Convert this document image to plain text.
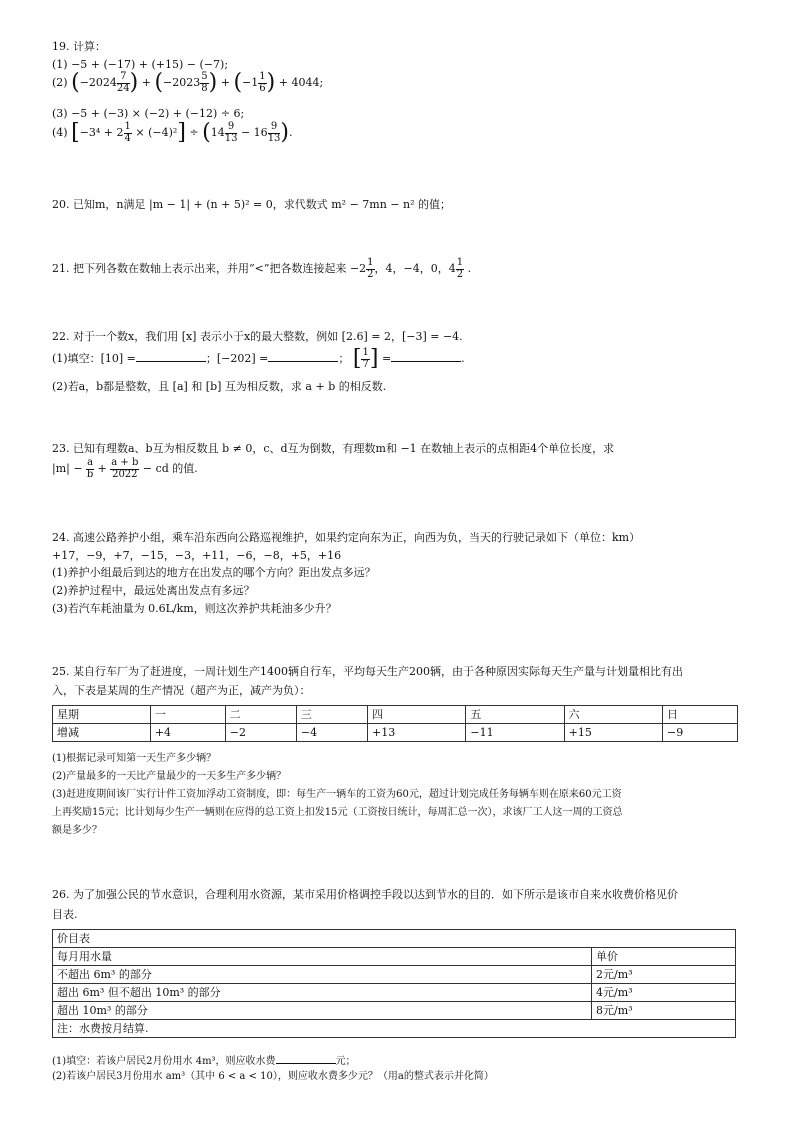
19. 计算：
(1) −5 + (−17) + (+15) − (−7);
(2) ($-2024 \frac{7}{24}$ ) + ($-2023 \frac{5}{8}$ ) + ($-1 \frac{1}{6}$ ) + 4044;
(3) −5 + (−3) × (−2) + (−12) ÷ 6;
(4) $[-3^4 + 2 \frac{1}{4} \times (-4)^2] \div (14 \frac{9}{13} - 16 \frac{9}{13}$ ).
20. 已知m，n满足 |m − 1| + (n + 5)² = 0，求代数式 m² − 7mn − n² 的值；
21. 把下列各数在数轴上表示出来，并用“<”把各数连接起来 $-2 \frac{1}{2}$ ，4，−4，0，$4 \frac{1}{2}$ .
22. 对于一个数x，我们用 [x] 表示小于x的最大整数，例如 [2.6] = 2，[−3] = −4.
(1)填空：[10] =	；[−202] =	； [ $\frac{1}{7}$ ] =	.
(2)若a，b都是整数，且 [a] 和 [b] 互为相反数，求 a + b 的相反数.
23. 已知有理数a、b互为相反数且 b ≠ 0，c、d互为倒数，有理数m和 −1 在数轴上表示的点相距4个单位长度，求
$|m| - \frac{a}{b} + \frac{a + b}{2022}$ − cd 的值.
24. 高速公路养护小组，乘车沿东西向公路巡视维护，如果约定向东为正，向西为负，当天的行驶记录如下（单位：km）
+17，−9，+7，−15，−3，+11，−6，−8，+5，+16
(1)养护小组最后到达的地方在出发点的哪个方向？距出发点多远？
(2)养护过程中，最远处离出发点有多远？
(3)若汽车耗油量为 0.6L/km，则这次养护共耗油多少升？
25. 某自行车厂为了赶进度，一周计划生产1400辆自行车，平均每天生产200辆，由于各种原因实际每天生产量与计划量相比有出
入，下表是某周的生产情况（超产为正，减产为负）：
星期	一	二	三	四	五	六	日
增减	+4	−2	−4	+13	−11	+15	−9
(1)根据记录可知第一天生产多少辆？
(2)产量最多的一天比产量最少的一天多生产多少辆？
(3)赶进度期间该厂实行计件工资加浮动工资制度，即：每生产一辆车的工资为60元，超过计划完成任务每辆车则在原来60元工资
上再奖励15元；比计划每少生产一辆则在应得的总工资上扣发15元（工资按日统计，每周汇总一次），求该厂工人这一周的工资总
额是多少？
26. 为了加强公民的节水意识，合理利用水资源，某市采用价格调控手段以达到节水的目的．如下所示是该市自来水收费价格见价
目表.
价目表	
每月用水量	单价
不超出 6m³ 的部分	2元/m³
超出 6m³ 但不超出 10m³ 的部分	4元/m³
超出 10m³ 的部分	8元/m³
注：水费按月结算.	
(1)填空：若该户居民2月份用水 4m³，则应收水费	元；
(2)若该户居民3月份用水 am³（其中 6 < a < 10），则应收水费多少元？（用a的整式表示并化简）
